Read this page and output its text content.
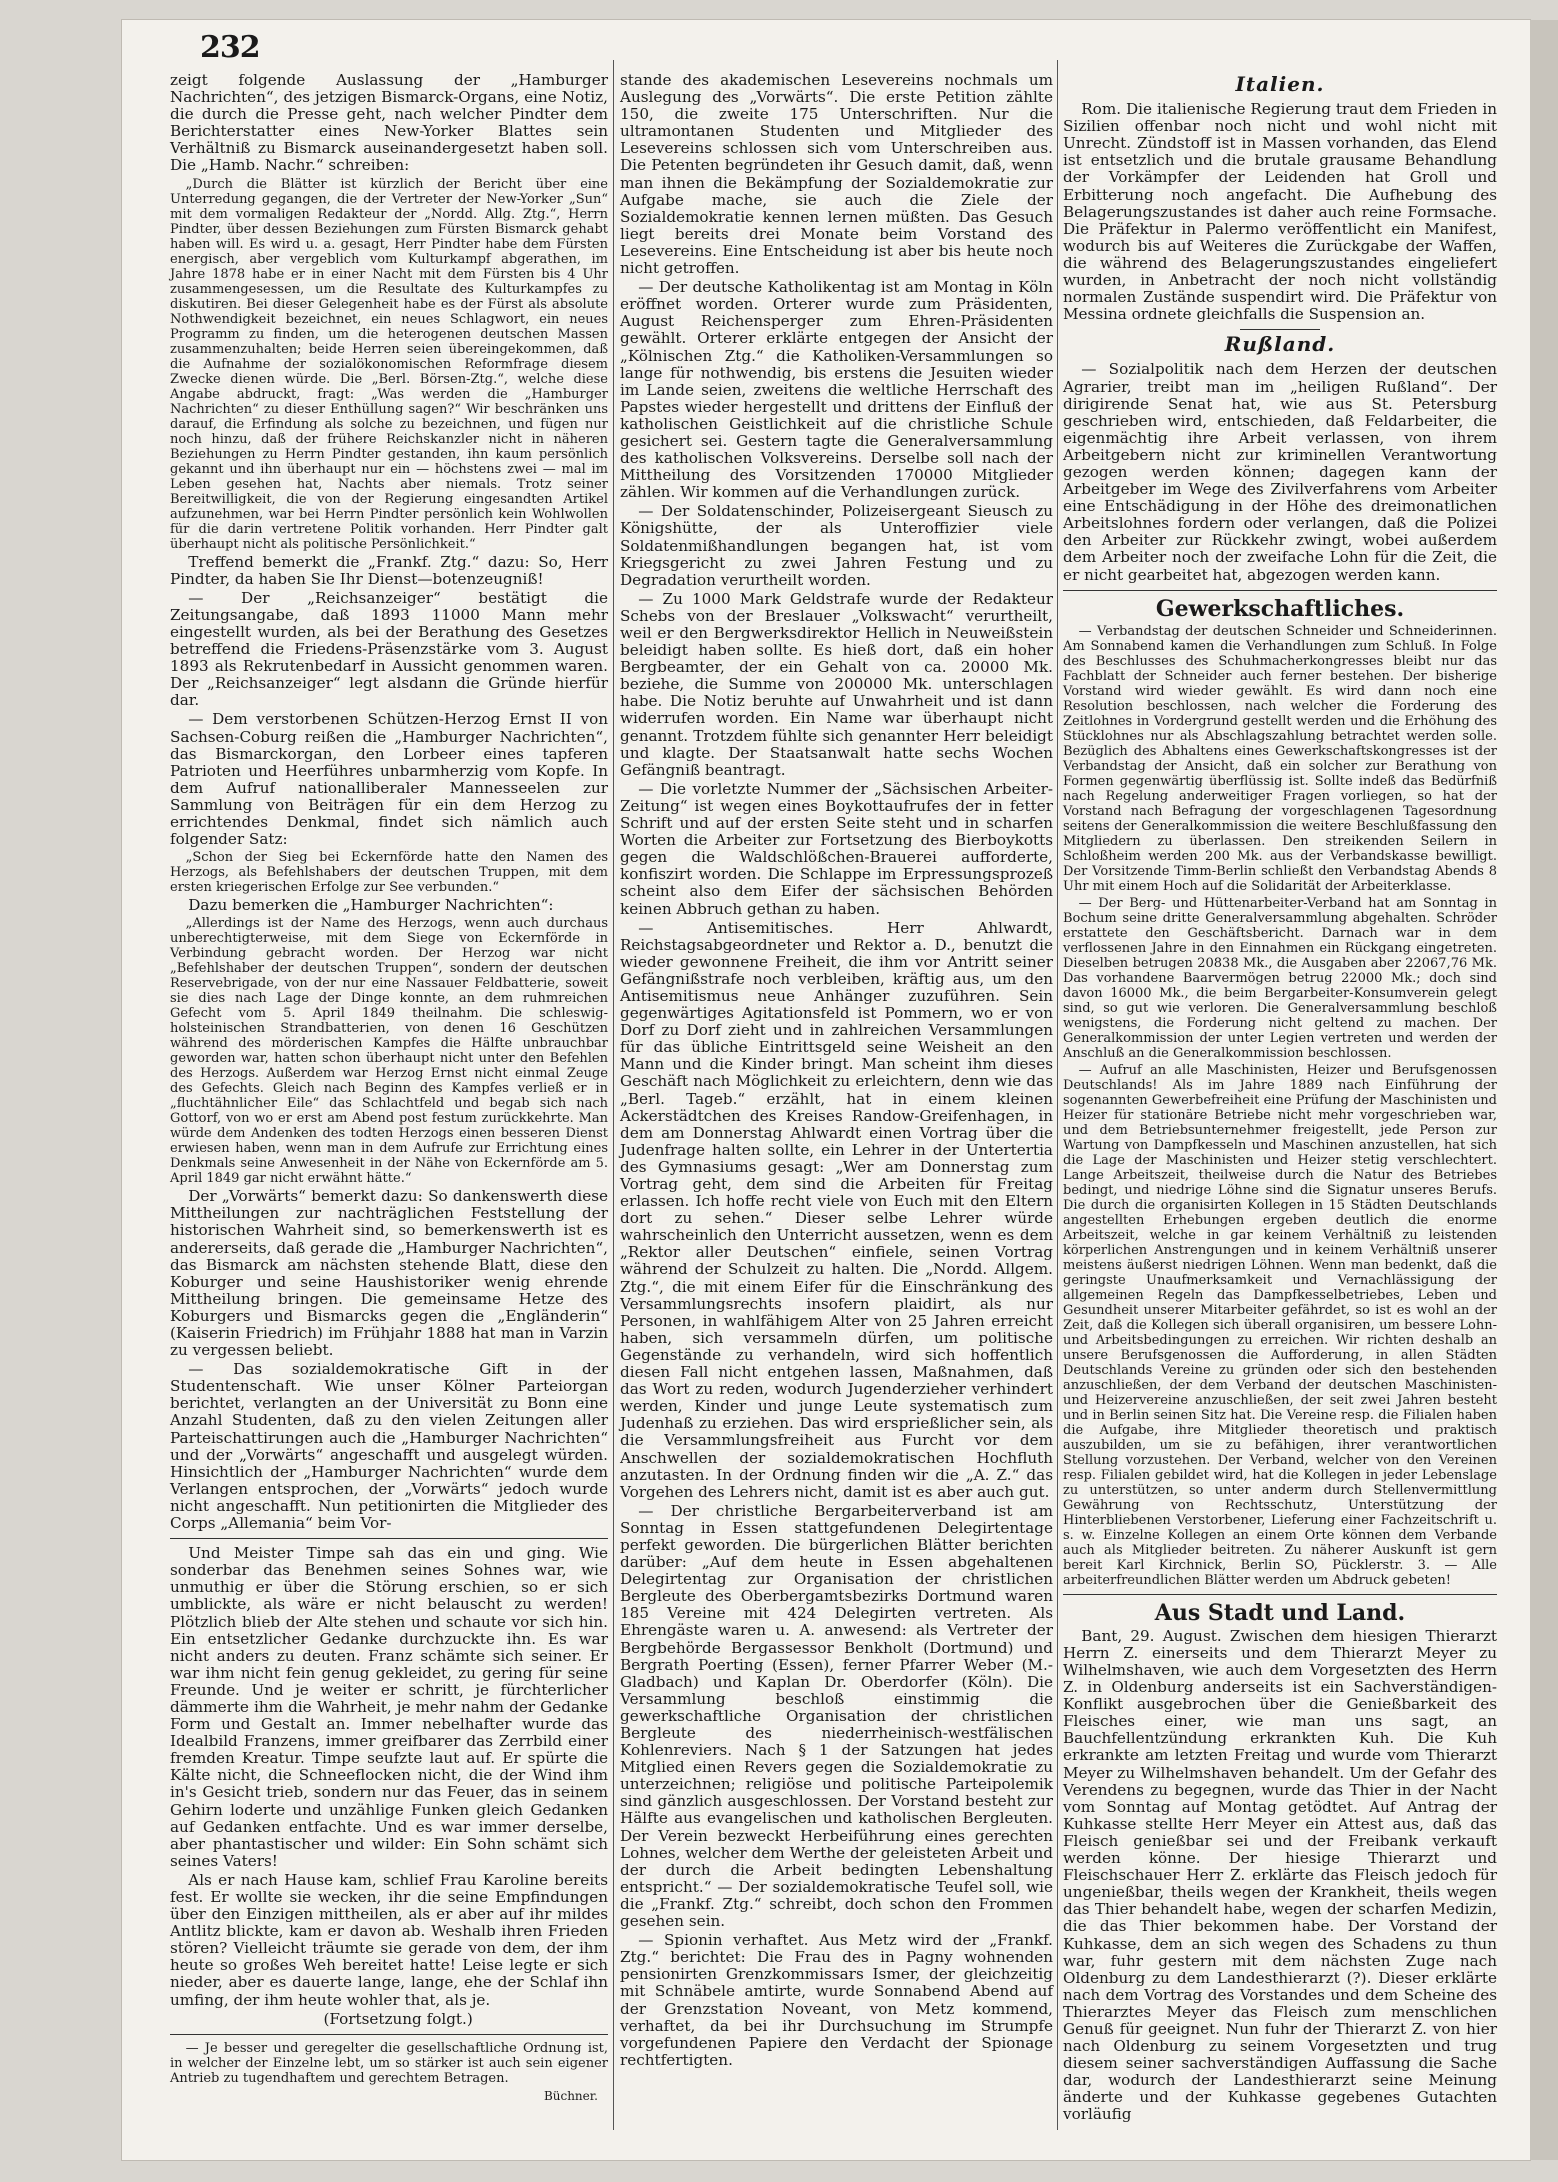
232

zeigt folgende Auslassung der „Hamburger Nachrichten“, des jetzigen Bismarck-Organs, eine Notiz, die durch die Presse geht, nach welcher Pindter dem Berichterstatter eines New-Yorker Blattes sein Verhältniß zu Bismarck auseinandergesetzt haben soll. Die „Hamb. Nachr.“ schreiben:

„Durch die Blätter ist kürzlich der Bericht über eine Unterredung gegangen, die der Vertreter der New-Yorker „Sun“ mit dem vormaligen Redakteur der „Nordd. Allg. Ztg.“, Herrn Pindter, über dessen Beziehungen zum Fürsten Bismarck gehabt haben will. Es wird u. a. gesagt, Herr Pindter habe dem Fürsten energisch, aber vergeblich vom Kulturkampf abgerathen, im Jahre 1878 habe er in einer Nacht mit dem Fürsten bis 4 Uhr zusammengesessen, um die Resultate des Kulturkampfes zu diskutiren. Bei dieser Gelegenheit habe es der Fürst als absolute Nothwendigkeit bezeichnet, ein neues Schlagwort, ein neues Programm zu finden, um die heterogenen deutschen Massen zusammenzuhalten; beide Herren seien übereingekommen, daß die Aufnahme der sozialökonomischen Reformfrage diesem Zwecke dienen würde. Die „Berl. Börsen-Ztg.“, welche diese Angabe abdruckt, fragt: „Was werden die „Hamburger Nachrichten“ zu dieser Enthüllung sagen?“ Wir beschränken uns darauf, die Erfindung als solche zu bezeichnen, und fügen nur noch hinzu, daß der frühere Reichskanzler nicht in näheren Beziehungen zu Herrn Pindter gestanden, ihn kaum persönlich gekannt und ihn überhaupt nur ein — höchstens zwei — mal im Leben gesehen hat, Nachts aber niemals. Trotz seiner Bereitwilligkeit, die von der Regierung eingesandten Artikel aufzunehmen, war bei Herrn Pindter persönlich kein Wohlwollen für die darin vertretene Politik vorhanden. Herr Pindter galt überhaupt nicht als politische Persönlichkeit.“

Treffend bemerkt die „Frankf. Ztg.“ dazu: So, Herr Pindter, da haben Sie Ihr Dienst—botenzeugniß!

— Der „Reichsanzeiger“ bestätigt die Zeitungsangabe, daß 1893 11000 Mann mehr eingestellt wurden, als bei der Berathung des Gesetzes betreffend die Friedens-Präsenzstärke vom 3. August 1893 als Rekrutenbedarf in Aussicht genommen waren. Der „Reichsanzeiger“ legt alsdann die Gründe hierfür dar.

— Dem verstorbenen Schützen-Herzog Ernst II von Sachsen-Coburg reißen die „Hamburger Nachrichten“, das Bismarckorgan, den Lorbeer eines tapferen Patrioten und Heerführes unbarmherzig vom Kopfe. In dem Aufruf nationalliberaler Mannesseelen zur Sammlung von Beiträgen für ein dem Herzog zu errichtendes Denkmal, findet sich nämlich auch folgender Satz:

„Schon der Sieg bei Eckernförde hatte den Namen des Herzogs, als Befehlshabers der deutschen Truppen, mit dem ersten kriegerischen Erfolge zur See verbunden.“

Dazu bemerken die „Hamburger Nachrichten“:

„Allerdings ist der Name des Herzogs, wenn auch durchaus unberechtigterweise, mit dem Siege von Eckernförde in Verbindung gebracht worden. Der Herzog war nicht „Befehlshaber der deutschen Truppen“, sondern der deutschen Reservebrigade, von der nur eine Nassauer Feldbatterie, soweit sie dies nach Lage der Dinge konnte, an dem ruhmreichen Gefecht vom 5. April 1849 theilnahm. Die schleswig-holsteinischen Strandbatterien, von denen 16 Geschützen während des mörderischen Kampfes die Hälfte unbrauchbar geworden war, hatten schon überhaupt nicht unter den Befehlen des Herzogs. Außerdem war Herzog Ernst nicht einmal Zeuge des Gefechts. Gleich nach Beginn des Kampfes verließ er in „fluchtähnlicher Eile“ das Schlachtfeld und begab sich nach Gottorf, von wo er erst am Abend post festum zurückkehrte. Man würde dem Andenken des todten Herzogs einen besseren Dienst erwiesen haben, wenn man in dem Aufrufe zur Errichtung eines Denkmals seine Anwesenheit in der Nähe von Eckernförde am 5. April 1849 gar nicht erwähnt hätte.“

Der „Vorwärts“ bemerkt dazu: So dankenswerth diese Mittheilungen zur nachträglichen Feststellung der historischen Wahrheit sind, so bemerkenswerth ist es andererseits, daß gerade die „Hamburger Nachrichten“, das Bismarck am nächsten stehende Blatt, diese den Koburger und seine Haushistoriker wenig ehrende Mittheilung bringen. Die gemeinsame Hetze des Koburgers und Bismarcks gegen die „Engländerin“ (Kaiserin Friedrich) im Frühjahr 1888 hat man in Varzin zu vergessen beliebt.

— Das sozialdemokratische Gift in der Studentenschaft. Wie unser Kölner Parteiorgan berichtet, verlangten an der Universität zu Bonn eine Anzahl Studenten, daß zu den vielen Zeitungen aller Parteischattirungen auch die „Hamburger Nachrichten“ und der „Vorwärts“ angeschafft und ausgelegt würden. Hinsichtlich der „Hamburger Nachrichten“ wurde dem Verlangen entsprochen, der „Vorwärts“ jedoch wurde nicht angeschafft. Nun petitionirten die Mitglieder des Corps „Allemania“ beim Vor-

Und Meister Timpe sah das ein und ging. Wie sonderbar das Benehmen seines Sohnes war, wie unmuthig er über die Störung erschien, so er sich umblickte, als wäre er nicht belauscht zu werden! Plötzlich blieb der Alte stehen und schaute vor sich hin. Ein entsetzlicher Gedanke durchzuckte ihn. Es war nicht anders zu deuten. Franz schämte sich seiner. Er war ihm nicht fein genug gekleidet, zu gering für seine Freunde. Und je weiter er schritt, je fürchterlicher dämmerte ihm die Wahrheit, je mehr nahm der Gedanke Form und Gestalt an. Immer nebelhafter wurde das Idealbild Franzens, immer greifbarer das Zerrbild einer fremden Kreatur. Timpe seufzte laut auf. Er spürte die Kälte nicht, die Schneeflocken nicht, die der Wind ihm in's Gesicht trieb, sondern nur das Feuer, das in seinem Gehirn loderte und unzählige Funken gleich Gedanken auf Gedanken entfachte. Und es war immer derselbe, aber phantastischer und wilder: Ein Sohn schämt sich seines Vaters!

Als er nach Hause kam, schlief Frau Karoline bereits fest. Er wollte sie wecken, ihr die seine Empfindungen über den Einzigen mittheilen, als er aber auf ihr mildes Antlitz blickte, kam er davon ab. Weshalb ihren Frieden stören? Vielleicht träumte sie gerade von dem, der ihm heute so großes Weh bereitet hatte! Leise legte er sich nieder, aber es dauerte lange, lange, ehe der Schlaf ihn umfing, der ihm heute wohler that, als je.

(Fortsetzung folgt.)

— Je besser und geregelter die gesellschaftliche Ordnung ist, in welcher der Einzelne lebt, um so stärker ist auch sein eigener Antrieb zu tugendhaftem und gerechtem Betragen.

Büchner.

stande des akademischen Lesevereins nochmals um Auslegung des „Vorwärts“. Die erste Petition zählte 150, die zweite 175 Unterschriften. Nur die ultramontanen Studenten und Mitglieder des Lesevereins schlossen sich vom Unterschreiben aus. Die Petenten begründeten ihr Gesuch damit, daß, wenn man ihnen die Bekämpfung der Sozialdemokratie zur Aufgabe mache, sie auch die Ziele der Sozialdemokratie kennen lernen müßten. Das Gesuch liegt bereits drei Monate beim Vorstand des Lesevereins. Eine Entscheidung ist aber bis heute noch nicht getroffen.

— Der deutsche Katholikentag ist am Montag in Köln eröffnet worden. Orterer wurde zum Präsidenten, August Reichensperger zum Ehren-Präsidenten gewählt. Orterer erklärte entgegen der Ansicht der „Kölnischen Ztg.“ die Katholiken-Versammlungen so lange für nothwendig, bis erstens die Jesuiten wieder im Lande seien, zweitens die weltliche Herrschaft des Papstes wieder hergestellt und drittens der Einfluß der katholischen Geistlichkeit auf die christliche Schule gesichert sei. Gestern tagte die Generalversammlung des katholischen Volksvereins. Derselbe soll nach der Mittheilung des Vorsitzenden 170000 Mitglieder zählen. Wir kommen auf die Verhandlungen zurück.

— Der Soldatenschinder, Polizeisergeant Sieusch zu Königshütte, der als Unteroffizier viele Soldatenmißhandlungen begangen hat, ist vom Kriegsgericht zu zwei Jahren Festung und zu Degradation verurtheilt worden.

— Zu 1000 Mark Geldstrafe wurde der Redakteur Schebs von der Breslauer „Volkswacht“ verurtheilt, weil er den Bergwerksdirektor Hellich in Neuweißstein beleidigt haben sollte. Es hieß dort, daß ein hoher Bergbeamter, der ein Gehalt von ca. 20000 Mk. beziehe, die Summe von 200000 Mk. unterschlagen habe. Die Notiz beruhte auf Unwahrheit und ist dann widerrufen worden. Ein Name war überhaupt nicht genannt. Trotzdem fühlte sich genannter Herr beleidigt und klagte. Der Staatsanwalt hatte sechs Wochen Gefängniß beantragt.

— Die vorletzte Nummer der „Sächsischen Arbeiter-Zeitung“ ist wegen eines Boykottaufrufes der in fetter Schrift und auf der ersten Seite steht und in scharfen Worten die Arbeiter zur Fortsetzung des Bierboykotts gegen die Waldschlößchen-Brauerei aufforderte, konfiszirt worden. Die Schlappe im Erpressungsprozeß scheint also dem Eifer der sächsischen Behörden keinen Abbruch gethan zu haben.

— Antisemitisches. Herr Ahlwardt, Reichstagsabgeordneter und Rektor a. D., benutzt die wieder gewonnene Freiheit, die ihm vor Antritt seiner Gefängnißstrafe noch verbleiben, kräftig aus, um den Antisemitismus neue Anhänger zuzuführen. Sein gegenwärtiges Agitationsfeld ist Pommern, wo er von Dorf zu Dorf zieht und in zahlreichen Versammlungen für das übliche Eintrittsgeld seine Weisheit an den Mann und die Kinder bringt. Man scheint ihm dieses Geschäft nach Möglichkeit zu erleichtern, denn wie das „Berl. Tageb.“ erzählt, hat in einem kleinen Ackerstädtchen des Kreises Randow-Greifenhagen, in dem am Donnerstag Ahlwardt einen Vortrag über die Judenfrage halten sollte, ein Lehrer in der Untertertia des Gymnasiums gesagt: „Wer am Donnerstag zum Vortrag geht, dem sind die Arbeiten für Freitag erlassen. Ich hoffe recht viele von Euch mit den Eltern dort zu sehen.“ Dieser selbe Lehrer würde wahrscheinlich den Unterricht aussetzen, wenn es dem „Rektor aller Deutschen“ einfiele, seinen Vortrag während der Schulzeit zu halten. Die „Nordd. Allgem. Ztg.“, die mit einem Eifer für die Einschränkung des Versammlungsrechts insofern plaidirt, als nur Personen, in wahlfähigem Alter von 25 Jahren erreicht haben, sich versammeln dürfen, um politische Gegenstände zu verhandeln, wird sich hoffentlich diesen Fall nicht entgehen lassen, Maßnahmen, daß das Wort zu reden, wodurch Jugenderzieher verhindert werden, Kinder und junge Leute systematisch zum Judenhaß zu erziehen. Das wird ersprießlicher sein, als die Versammlungsfreiheit aus Furcht vor dem Anschwellen der sozialdemokratischen Hochfluth anzutasten. In der Ordnung finden wir die „A. Z.“ das Vorgehen des Lehrers nicht, damit ist es aber auch gut.

— Der christliche Bergarbeiterverband ist am Sonntag in Essen stattgefundenen Delegirtentage perfekt geworden. Die bürgerlichen Blätter berichten darüber: „Auf dem heute in Essen abgehaltenen Delegirtentag zur Organisation der christlichen Bergleute des Oberbergamtsbezirks Dortmund waren 185 Vereine mit 424 Delegirten vertreten. Als Ehrengäste waren u. A. anwesend: als Vertreter der Bergbehörde Bergassessor Benkholt (Dortmund) und Bergrath Poerting (Essen), ferner Pfarrer Weber (M.-Gladbach) und Kaplan Dr. Oberdorfer (Köln). Die Versammlung beschloß einstimmig die gewerkschaftliche Organisation der christlichen Bergleute des niederrheinisch-westfälischen Kohlenreviers. Nach § 1 der Satzungen hat jedes Mitglied einen Revers gegen die Sozialdemokratie zu unterzeichnen; religiöse und politische Parteipolemik sind gänzlich ausgeschlossen. Der Vorstand besteht zur Hälfte aus evangelischen und katholischen Bergleuten. Der Verein bezweckt Herbeiführung eines gerechten Lohnes, welcher dem Werthe der geleisteten Arbeit und der durch die Arbeit bedingten Lebenshaltung entspricht.“ — Der sozialdemokratische Teufel soll, wie die „Frankf. Ztg.“ schreibt, doch schon den Frommen gesehen sein.

— Spionin verhaftet. Aus Metz wird der „Frankf. Ztg.“ berichtet: Die Frau des in Pagny wohnenden pensionirten Grenzkommissars Ismer, der gleichzeitig mit Schnäbele amtirte, wurde Sonnabend Abend auf der Grenzstation Noveant, von Metz kommend, verhaftet, da bei ihr Durchsuchung im Strumpfe vorgefundenen Papiere den Verdacht der Spionage rechtfertigten.

Italien.

Rom. Die italienische Regierung traut dem Frieden in Sizilien offenbar noch nicht und wohl nicht mit Unrecht. Zündstoff ist in Massen vorhanden, das Elend ist entsetzlich und die brutale grausame Behandlung der Vorkämpfer der Leidenden hat Groll und Erbitterung noch angefacht. Die Aufhebung des Belagerungszustandes ist daher auch reine Formsache. Die Präfektur in Palermo veröffentlicht ein Manifest, wodurch bis auf Weiteres die Zurückgabe der Waffen, die während des Belagerungszustandes eingeliefert wurden, in Anbetracht der noch nicht vollständig normalen Zustände suspendirt wird. Die Präfektur von Messina ordnete gleichfalls die Suspension an.

Rußland.

— Sozialpolitik nach dem Herzen der deutschen Agrarier, treibt man im „heiligen Rußland“. Der dirigirende Senat hat, wie aus St. Petersburg geschrieben wird, entschieden, daß Feldarbeiter, die eigenmächtig ihre Arbeit verlassen, von ihrem Arbeitgebern nicht zur kriminellen Verantwortung gezogen werden können; dagegen kann der Arbeitgeber im Wege des Zivilverfahrens vom Arbeiter eine Entschädigung in der Höhe des dreimonatlichen Arbeitslohnes fordern oder verlangen, daß die Polizei den Arbeiter zur Rückkehr zwingt, wobei außerdem dem Arbeiter noch der zweifache Lohn für die Zeit, die er nicht gearbeitet hat, abgezogen werden kann.

Gewerkschaftliches.

— Verbandstag der deutschen Schneider und Schneiderinnen. Am Sonnabend kamen die Verhandlungen zum Schluß. In Folge des Beschlusses des Schuhmacherkongresses bleibt nur das Fachblatt der Schneider auch ferner bestehen. Der bisherige Vorstand wird wieder gewählt. Es wird dann noch eine Resolution beschlossen, nach welcher die Forderung des Zeitlohnes in Vordergrund gestellt werden und die Erhöhung des Stücklohnes nur als Abschlagszahlung betrachtet werden solle. Bezüglich des Abhaltens eines Gewerkschaftskongresses ist der Verbandstag der Ansicht, daß ein solcher zur Berathung von Formen gegenwärtig überflüssig ist. Sollte indeß das Bedürfniß nach Regelung anderweitiger Fragen vorliegen, so hat der Vorstand nach Befragung der vorgeschlagenen Tagesordnung seitens der Generalkommission die weitere Beschlußfassung den Mitgliedern zu überlassen. Den streikenden Seilern in Schloßheim werden 200 Mk. aus der Verbandskasse bewilligt. Der Vorsitzende Timm-Berlin schließt den Verbandstag Abends 8 Uhr mit einem Hoch auf die Solidarität der Arbeiterklasse.

— Der Berg- und Hüttenarbeiter-Verband hat am Sonntag in Bochum seine dritte Generalversammlung abgehalten. Schröder erstattete den Geschäftsbericht. Darnach war in dem verflossenen Jahre in den Einnahmen ein Rückgang eingetreten. Dieselben betrugen 20838 Mk., die Ausgaben aber 22067,76 Mk. Das vorhandene Baarvermögen betrug 22000 Mk.; doch sind davon 16000 Mk., die beim Bergarbeiter-Konsumverein gelegt sind, so gut wie verloren. Die Generalversammlung beschloß wenigstens, die Forderung nicht geltend zu machen. Der Generalkommission der unter Legien vertreten und werden der Anschluß an die Generalkommission beschlossen.

— Aufruf an alle Maschinisten, Heizer und Berufsgenossen Deutschlands! Als im Jahre 1889 nach Einführung der sogenannten Gewerbefreiheit eine Prüfung der Maschinisten und Heizer für stationäre Betriebe nicht mehr vorgeschrieben war, und dem Betriebsunternehmer freigestellt, jede Person zur Wartung von Dampfkesseln und Maschinen anzustellen, hat sich die Lage der Maschinisten und Heizer stetig verschlechtert. Lange Arbeitszeit, theilweise durch die Natur des Betriebes bedingt, und niedrige Löhne sind die Signatur unseres Berufs. Die durch die organisirten Kollegen in 15 Städten Deutschlands angestellten Erhebungen ergeben deutlich die enorme Arbeitszeit, welche in gar keinem Verhältniß zu leistenden körperlichen Anstrengungen und in keinem Verhältniß unserer meistens äußerst niedrigen Löhnen. Wenn man bedenkt, daß die geringste Unaufmerksamkeit und Vernachlässigung der allgemeinen Regeln das Dampfkesselbetriebes, Leben und Gesundheit unserer Mitarbeiter gefährdet, so ist es wohl an der Zeit, daß die Kollegen sich überall organisiren, um bessere Lohn- und Arbeitsbedingungen zu erreichen. Wir richten deshalb an unsere Berufsgenossen die Aufforderung, in allen Städten Deutschlands Vereine zu gründen oder sich den bestehenden anzuschließen, der dem Verband der deutschen Maschinisten- und Heizervereine anzuschließen, der seit zwei Jahren besteht und in Berlin seinen Sitz hat. Die Vereine resp. die Filialen haben die Aufgabe, ihre Mitglieder theoretisch und praktisch auszubilden, um sie zu befähigen, ihrer verantwortlichen Stellung vorzustehen. Der Verband, welcher von den Vereinen resp. Filialen gebildet wird, hat die Kollegen in jeder Lebenslage zu unterstützen, so unter anderm durch Stellenvermittlung Gewährung von Rechtsschutz, Unterstützung der Hinterbliebenen Verstorbener, Lieferung einer Fachzeitschrift u. s. w. Einzelne Kollegen an einem Orte können dem Verbande auch als Mitglieder beitreten. Zu näherer Auskunft ist gern bereit Karl Kirchnick, Berlin SO, Pücklerstr. 3. — Alle arbeiterfreundlichen Blätter werden um Abdruck gebeten!

Aus Stadt und Land.

Bant, 29. August. Zwischen dem hiesigen Thierarzt Herrn Z. einerseits und dem Thierarzt Meyer zu Wilhelmshaven, wie auch dem Vorgesetzten des Herrn Z. in Oldenburg anderseits ist ein Sachverständigen-Konflikt ausgebrochen über die Genießbarkeit des Fleisches einer, wie man uns sagt, an Bauchfellentzündung erkrankten Kuh. Die Kuh erkrankte am letzten Freitag und wurde vom Thierarzt Meyer zu Wilhelmshaven behandelt. Um der Gefahr des Verendens zu begegnen, wurde das Thier in der Nacht vom Sonntag auf Montag getödtet. Auf Antrag der Kuhkasse stellte Herr Meyer ein Attest aus, daß das Fleisch genießbar sei und der Freibank verkauft werden könne. Der hiesige Thierarzt und Fleischschauer Herr Z. erklärte das Fleisch jedoch für ungenießbar, theils wegen der Krankheit, theils wegen das Thier behandelt habe, wegen der scharfen Medizin, die das Thier bekommen habe. Der Vorstand der Kuhkasse, dem an sich wegen des Schadens zu thun war, fuhr gestern mit dem nächsten Zuge nach Oldenburg zu dem Landesthierarzt (?). Dieser erklärte nach dem Vortrag des Vorstandes und dem Scheine des Thierarztes Meyer das Fleisch zum menschlichen Genuß für geeignet. Nun fuhr der Thierarzt Z. von hier nach Oldenburg zu seinem Vorgesetzten und trug diesem seiner sachverständigen Auffassung die Sache dar, wodurch der Landesthierarzt seine Meinung änderte und der Kuhkasse gegebenes Gutachten vorläufig
